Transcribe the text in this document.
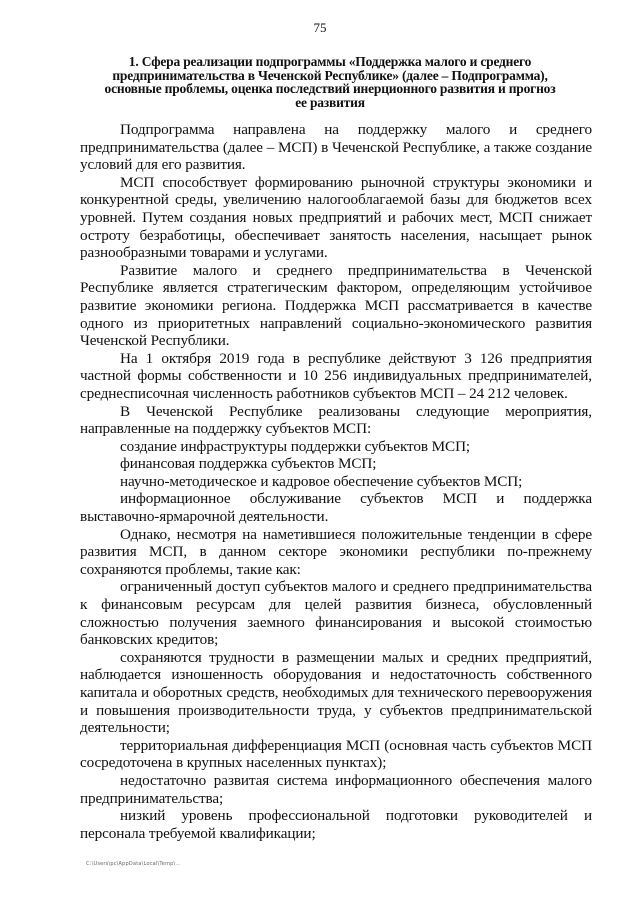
75
1. Сфера реализации подпрограммы «Поддержка малого и среднего предпринимательства в Чеченской Республике» (далее – Подпрограмма), основные проблемы, оценка последствий инерционного развития и прогноз ее развития

Подпрограмма направлена на поддержку малого и среднего предпринимательства (далее – МСП) в Чеченской Республике, а также создание условий для его развития.

МСП способствует формированию рыночной структуры экономики и конкурентной среды, увеличению налогооблагаемой базы для бюджетов всех уровней. Путем создания новых предприятий и рабочих мест, МСП снижает остроту безработицы, обеспечивает занятость населения, насыщает рынок разнообразными товарами и услугами.

Развитие малого и среднего предпринимательства в Чеченской Республике является стратегическим фактором, определяющим устойчивое развитие экономики региона. Поддержка МСП рассматривается в качестве одного из приоритетных направлений социально-экономического развития Чеченской Республики.

На 1 октября 2019 года в республике действуют 3 126 предприятия частной формы собственности и 10 256 индивидуальных предпринимателей, среднесписочная численность работников субъектов МСП – 24 212 человек.

В Чеченской Республике реализованы следующие мероприятия, направленные на поддержку субъектов МСП:

создание инфраструктуры поддержки субъектов МСП;

финансовая поддержка субъектов МСП;

научно-методическое и кадровое обеспечение субъектов МСП;

информационное обслуживание субъектов МСП и поддержка выставочно-ярмарочной деятельности.

Однако, несмотря на наметившиеся положительные тенденции в сфере развития МСП, в данном секторе экономики республики по-прежнему сохраняются проблемы, такие как:

ограниченный доступ субъектов малого и среднего предпринимательства к финансовым ресурсам для целей развития бизнеса, обусловленный сложностью получения заемного финансирования и высокой стоимостью банковских кредитов;

сохраняются трудности в размещении малых и средних предприятий, наблюдается изношенность оборудования и недостаточность собственного капитала и оборотных средств, необходимых для технического перевооружения и повышения производительности труда, у субъектов предпринимательской деятельности;

территориальная дифференциация МСП (основная часть субъектов МСП сосредоточена в крупных населенных пунктах);

недостаточно развитая система информационного обеспечения малого предпринимательства;

низкий уровень профессиональной подготовки руководителей и персонала требуемой квалификации;

C:\Users\pc\AppData\Local\Temp\...
